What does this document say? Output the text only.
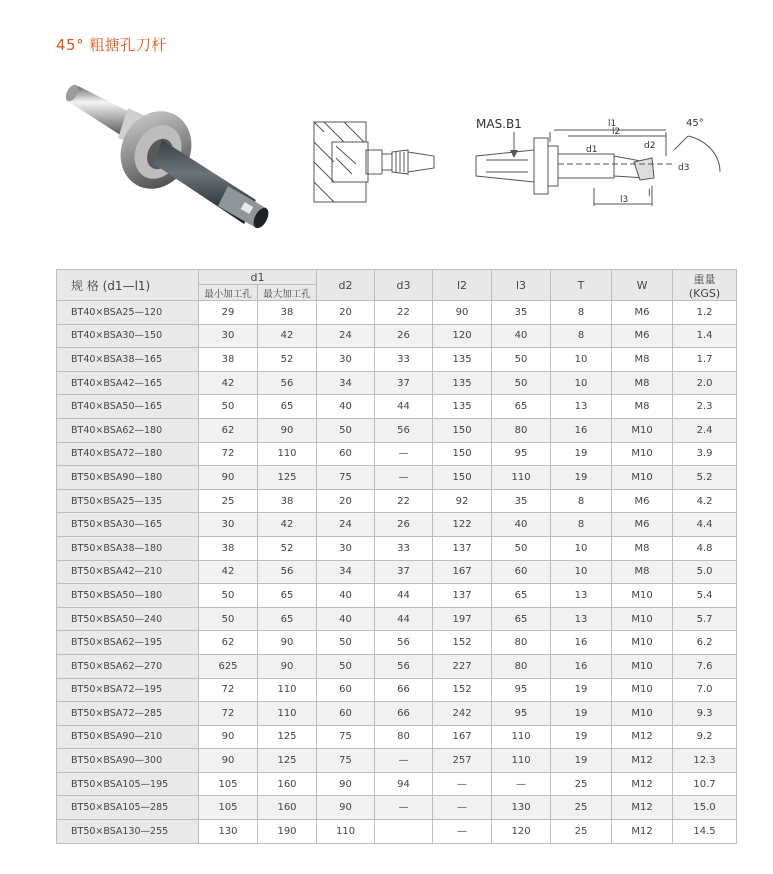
45° 粗搪孔刀杆
MAS.B1	l1
l2
d1	d2
d3
l
l3
45°
规 格 (d1—l1)	d1		d2	d3	l2	l3	T	W	重量
(KGS)

	最小加工孔	最大加工孔							
BT40×BSA25—120	29	38	20	22	90	35	8	M6	1.2
BT40×BSA30—150	30	42	24	26	120	40	8	M6	1.4
BT40×BSA38—165	38	52	30	33	135	50	10	M8	1.7
BT40×BSA42—165	42	56	34	37	135	50	10	M8	2.0
BT40×BSA50—165	50	65	40	44	135	65	13	M8	2.3
BT40×BSA62—180	62	90	50	56	150	80	16	M10	2.4
BT40×BSA72—180	72	110	60	—	150	95	19	M10	3.9
BT50×BSA90—180	90	125	75	—	150	110	19	M10	5.2
BT50×BSA25—135	25	38	20	22	92	35	8	M6	4.2
BT50×BSA30—165	30	42	24	26	122	40	8	M6	4.4
BT50×BSA38—180	38	52	30	33	137	50	10	M8	4.8
BT50×BSA42—210	42	56	34	37	167	60	10	M8	5.0
BT50×BSA50—180	50	65	40	44	137	65	13	M10	5.4
BT50×BSA50—240	50	65	40	44	197	65	13	M10	5.7
BT50×BSA62—195	62	90	50	56	152	80	16	M10	6.2
BT50×BSA62—270	625	90	50	56	227	80	16	M10	7.6
BT50×BSA72—195	72	110	60	66	152	95	19	M10	7.0
BT50×BSA72—285	72	110	60	66	242	95	19	M10	9.3
BT50×BSA90—210	90	125	75	80	167	110	19	M12	9.2
BT50×BSA90—300	90	125	75	—	257	110	19	M12	12.3
BT50×BSA105—195	105	160	90	94	—	—	25	M12	10.7
BT50×BSA105—285	105	160	90	—	—	130	25	M12	15.0
BT50×BSA130—255	130	190	110		—	120	25	M12	14.5
